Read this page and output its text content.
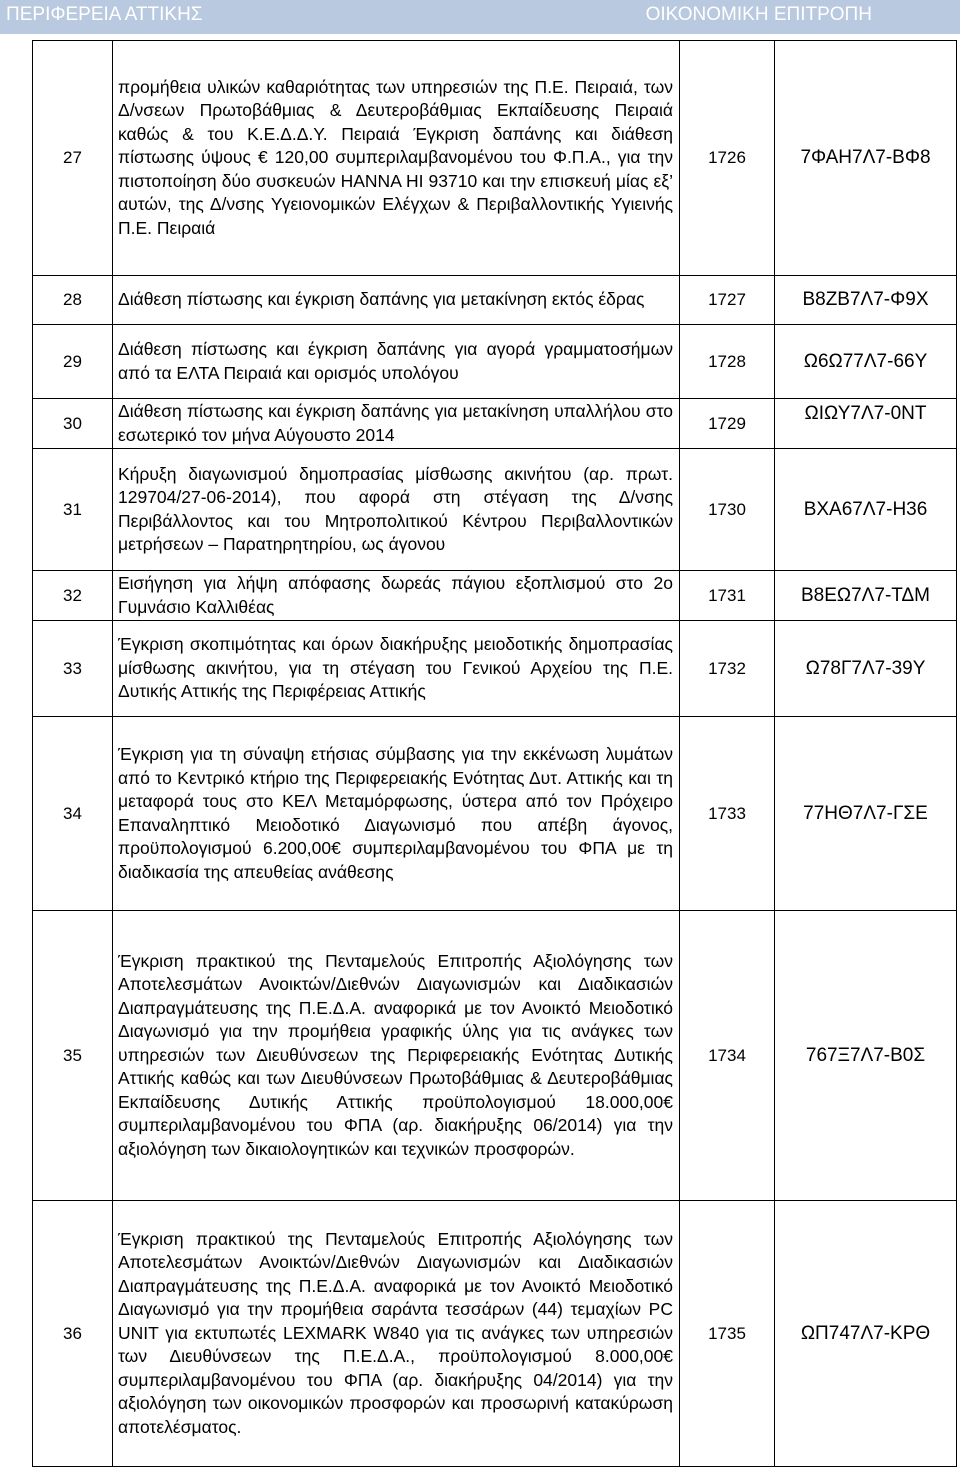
ΠΕΡΙΦΕΡΕΙΑ ΑΤΤΙΚΗΣ	ΟΙΚΟΝΟΜΙΚΗ ΕΠΙΤΡΟΠΗ
27	προμήθεια υλικών καθαριότητας των υπηρεσιών της Π.Ε. Πειραιά, των Δ/νσεων Πρωτοβάθμιας & Δευτεροβάθμιας Εκπαίδευσης Πειραιά καθώς & του Κ.Ε.Δ.Δ.Υ. Πειραιά Έγκριση δαπάνης και διάθεση πίστωσης ύψους € 120,00 συμπεριλαμβανομένου του Φ.Π.Α., για την πιστοποίηση δύο συσκευών HANNA HI 93710 και την επισκευή μίας εξ’ αυτών, της Δ/νσης Υγειονομικών Ελέγχων & Περιβαλλοντικής Υγιεινής Π.Ε. Πειραιά	1726	7ΦΑΗ7Λ7-ΒΦ8
28	Διάθεση πίστωσης και έγκριση δαπάνης για μετακίνηση εκτός έδρας	1727	Β8ΖΒ7Λ7-Φ9Χ
29	Διάθεση πίστωσης και έγκριση δαπάνης για αγορά γραμματοσήμων από τα ΕΛΤΑ Πειραιά και ορισμός υπολόγου	1728	Ω6Ω77Λ7-66Υ
30	Διάθεση πίστωσης και έγκριση δαπάνης για μετακίνηση υπαλλήλου στο εσωτερικό τον μήνα Αύγουστο 2014	1729	ΩΙΩΥ7Λ7-0ΝΤ
31	Κήρυξη διαγωνισμού δημοπρασίας μίσθωσης ακινήτου (αρ. πρωτ. 129704/27-06-2014), που αφορά στη στέγαση της Δ/νσης Περιβάλλοντος και του Μητροπολιτικού Κέντρου Περιβαλλοντικών μετρήσεων – Παρατηρητηρίου, ως άγονου	1730	ΒΧΑ67Λ7-Η36
32	Εισήγηση για λήψη απόφασης δωρεάς πάγιου εξοπλισμού στο 2ο Γυμνάσιο Καλλιθέας	1731	Β8ΕΩ7Λ7-ΤΔΜ
33	Έγκριση σκοπιμότητας και όρων διακήρυξης μειοδοτικής δημοπρασίας μίσθωσης ακινήτου, για τη στέγαση του Γενικού Αρχείου της Π.Ε. Δυτικής Αττικής της Περιφέρειας Αττικής	1732	Ω78Γ7Λ7-39Υ
34	Έγκριση για τη σύναψη ετήσιας σύμβασης για την εκκένωση λυμάτων από το Κεντρικό κτήριο της Περιφερειακής Ενότητας Δυτ. Αττικής και τη μεταφορά τους στο ΚΕΛ Μεταμόρφωσης, ύστερα από τον Πρόχειρο Επαναληπτικό Μειοδοτικό Διαγωνισμό που απέβη άγονος, προϋπολογισμού 6.200,00€ συμπεριλαμβανομένου του ΦΠΑ με τη διαδικασία της απευθείας ανάθεσης	1733	77ΗΘ7Λ7-ΓΣΕ
35	Έγκριση πρακτικού της Πενταμελούς Επιτροπής Αξιολόγησης των Αποτελεσμάτων Ανοικτών/Διεθνών Διαγωνισμών και Διαδικασιών Διαπραγμάτευσης της Π.Ε.Δ.Α. αναφορικά με τον Ανοικτό Μειοδοτικό Διαγωνισμό για την προμήθεια γραφικής ύλης για τις ανάγκες των υπηρεσιών των Διευθύνσεων της Περιφερειακής Ενότητας Δυτικής Αττικής καθώς και των Διευθύνσεων Πρωτοβάθμιας & Δευτεροβάθμιας Εκπαίδευσης Δυτικής Αττικής προϋπολογισμού 18.000,00€ συμπεριλαμβανομένου του ΦΠΑ (αρ. διακήρυξης 06/2014) για την αξιολόγηση των δικαιολογητικών και τεχνικών προσφορών.	1734	767Ξ7Λ7-Β0Σ
36	Έγκριση πρακτικού της Πενταμελούς Επιτροπής Αξιολόγησης των Αποτελεσμάτων Ανοικτών/Διεθνών Διαγωνισμών και Διαδικασιών Διαπραγμάτευσης της Π.Ε.Δ.Α. αναφορικά με τον Ανοικτό Μειοδοτικό Διαγωνισμό για την προμήθεια σαράντα τεσσάρων (44) τεμαχίων PC UNIT για εκτυπωτές LEXMARK W840 για τις ανάγκες των υπηρεσιών των Διευθύνσεων της Π.Ε.Δ.Α., προϋπολογισμού 8.000,00€ συμπεριλαμβανομένου του ΦΠΑ (αρ. διακήρυξης 04/2014) για την αξιολόγηση των οικονομικών προσφορών και προσωρινή κατακύρωση αποτελέσματος.	1735	ΩΠ747Λ7-ΚΡΘ
